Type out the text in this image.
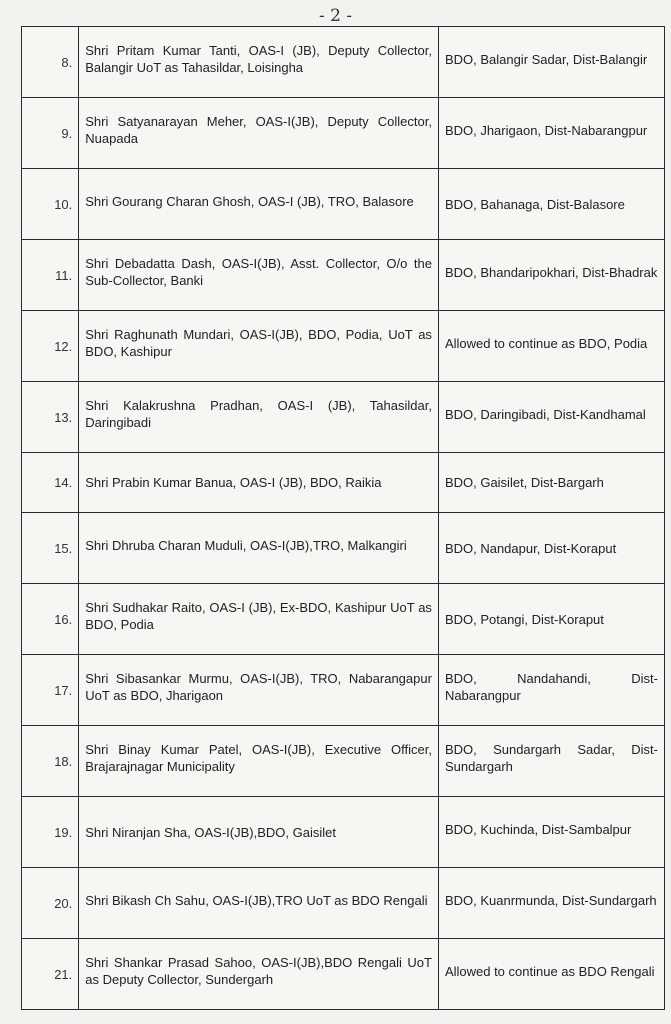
- 2 -
8.	Shri Pritam Kumar Tanti, OAS-I (JB), Deputy Collector, Balangir UoT as Tahasildar, Loisingha	BDO, Balangir Sadar, Dist-Balangir

9.	Shri Satyanarayan Meher, OAS-I(JB), Deputy Collector, Nuapada	BDO, Jharigaon, Dist-Nabarangpur

10.	Shri Gourang Charan Ghosh, OAS-I (JB), TRO, Balasore	BDO, Bahanaga, Dist-Balasore
11.	Shri Debadatta Dash, OAS-I(JB), Asst. Collector, O/o the Sub-Collector, Banki	BDO, Bhandaripokhari, Dist-Bhadrak

12.	Shri Raghunath Mundari, OAS-I(JB), BDO, Podia, UoT as BDO, Kashipur	Allowed to continue as BDO, Podia

13.	Shri Kalakrushna Pradhan, OAS-I (JB), Tahasildar, Daringibadi	BDO, Daringibadi, Dist-Kandhamal

14.	Shri Prabin Kumar Banua, OAS-I (JB), BDO, Raikia	BDO, Gaisilet, Dist-Bargarh
15.	Shri Dhruba Charan Muduli, OAS-I(JB),TRO, Malkangiri	BDO, Nandapur, Dist-Koraput
16.	Shri Sudhakar Raito, OAS-I (JB), Ex-BDO, Kashipur UoT as BDO, Podia	BDO, Potangi, Dist-Koraput
17.	Shri Sibasankar Murmu, OAS-I(JB), TRO, Nabarangapur UoT as BDO, Jharigaon	BDO, Nandahandi, Dist-Nabarangpur

18.	Shri Binay Kumar Patel, OAS-I(JB), Executive Officer, Brajarajnagar Municipality	BDO, Sundargarh Sadar, Dist-Sundargarh

19.	Shri Niranjan Sha, OAS-I(JB),BDO, Gaisilet	BDO, Kuchinda, Dist-Sambalpur

20.	Shri Bikash Ch Sahu, OAS-I(JB),TRO UoT as BDO Rengali	BDO, Kuanrmunda, Dist-Sundargarh

21.	Shri Shankar Prasad Sahoo, OAS-I(JB),BDO Rengali UoT as Deputy Collector, Sundergarh	Allowed to continue as BDO Rengali
